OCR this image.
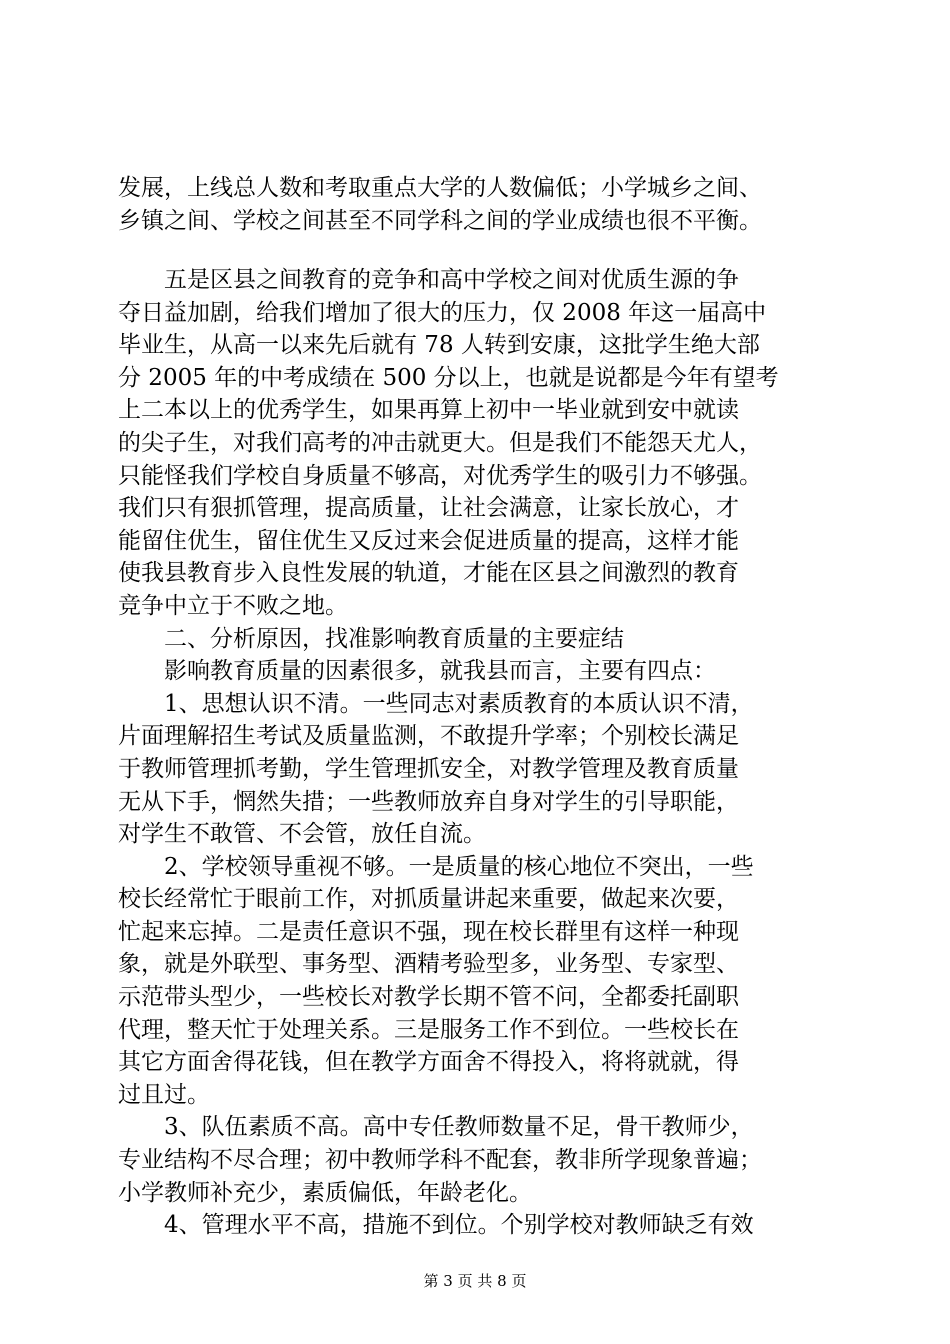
发展，上线总人数和考取重点大学的人数偏低；小学城乡之间、
乡镇之间、学校之间甚至不同学科之间的学业成绩也很不平衡。
五是区县之间教育的竞争和高中学校之间对优质生源的争
夺日益加剧，给我们增加了很大的压力，仅 2008 年这一届高中
毕业生，从高一以来先后就有 78 人转到安康，这批学生绝大部
分 2005 年的中考成绩在 500 分以上，也就是说都是今年有望考
上二本以上的优秀学生，如果再算上初中一毕业就到安中就读
的尖子生，对我们高考的冲击就更大。但是我们不能怨天尤人，
只能怪我们学校自身质量不够高，对优秀学生的吸引力不够强。
我们只有狠抓管理，提高质量，让社会满意，让家长放心，才
能留住优生，留住优生又反过来会促进质量的提高，这样才能
使我县教育步入良性发展的轨道，才能在区县之间激烈的教育
竞争中立于不败之地。
二、分析原因，找准影响教育质量的主要症结
影响教育质量的因素很多，就我县而言，主要有四点：
1、思想认识不清。一些同志对素质教育的本质认识不清，
片面理解招生考试及质量监测，不敢提升学率；个别校长满足
于教师管理抓考勤，学生管理抓安全，对教学管理及教育质量
无从下手，惘然失措；一些教师放弃自身对学生的引导职能，
对学生不敢管、不会管，放任自流。
2、学校领导重视不够。一是质量的核心地位不突出，一些
校长经常忙于眼前工作，对抓质量讲起来重要，做起来次要，
忙起来忘掉。二是责任意识不强，现在校长群里有这样一种现
象，就是外联型、事务型、酒精考验型多，业务型、专家型、
示范带头型少，一些校长对教学长期不管不问，全都委托副职
代理，整天忙于处理关系。三是服务工作不到位。一些校长在
其它方面舍得花钱，但在教学方面舍不得投入，将将就就，得
过且过。
3、队伍素质不高。高中专任教师数量不足，骨干教师少，
专业结构不尽合理；初中教师学科不配套，教非所学现象普遍；
小学教师补充少，素质偏低，年龄老化。
4、管理水平不高，措施不到位。个别学校对教师缺乏有效
第 3 页 共 8 页
